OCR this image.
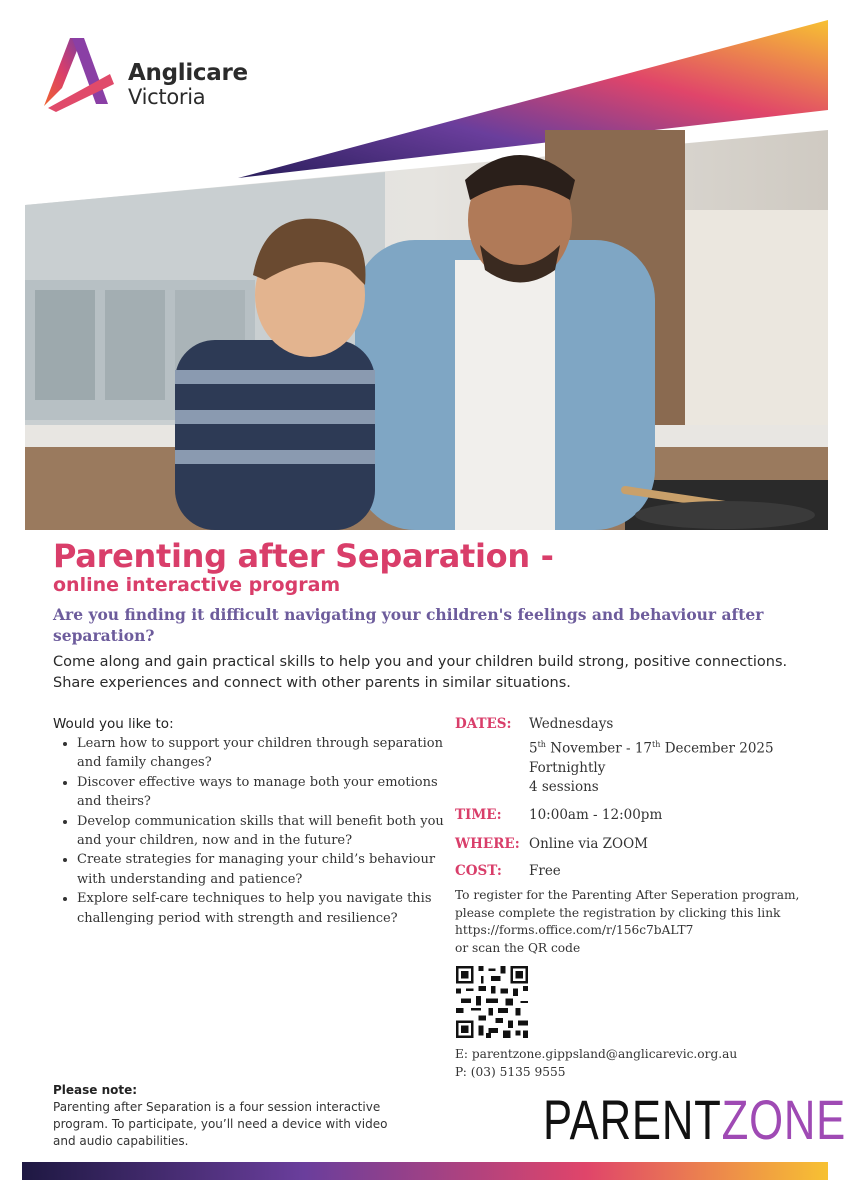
Anglicare
Victoria
Parenting after Separation -
online interactive program
Are you finding it difficult navigating your children's feelings and behaviour after separation?
Come along and gain practical skills to help you and your children build strong, positive connections. Share experiences and connect with other parents in similar situations.
Would you like to:
• Learn how to support your children through separation and family changes?
• Discover effective ways to manage both your emotions and theirs?
• Develop communication skills that will benefit both you and your children, now and in the future?
• Create strategies for managing your child’s behaviour with understanding and patience?
• Explore self-care techniques to help you navigate this challenging period with strength and resilience?
DATES: Wednesdays
5th November - 17th December 2025
Fortnightly
4 sessions
TIME: 10:00am - 12:00pm
WHERE: Online via ZOOM
COST: Free
To register for the Parenting After Seperation program,
please complete the registration by clicking this link
https://forms.office.com/r/156c7bALT7
or scan the QR code
E: parentzone.gippsland@anglicarevic.org.au
P: (03) 5135 9555
Please note:
Parenting after Separation is a four session interactive program. To participate, you’ll need a device with video and audio capabilities.	PARENTZONE
